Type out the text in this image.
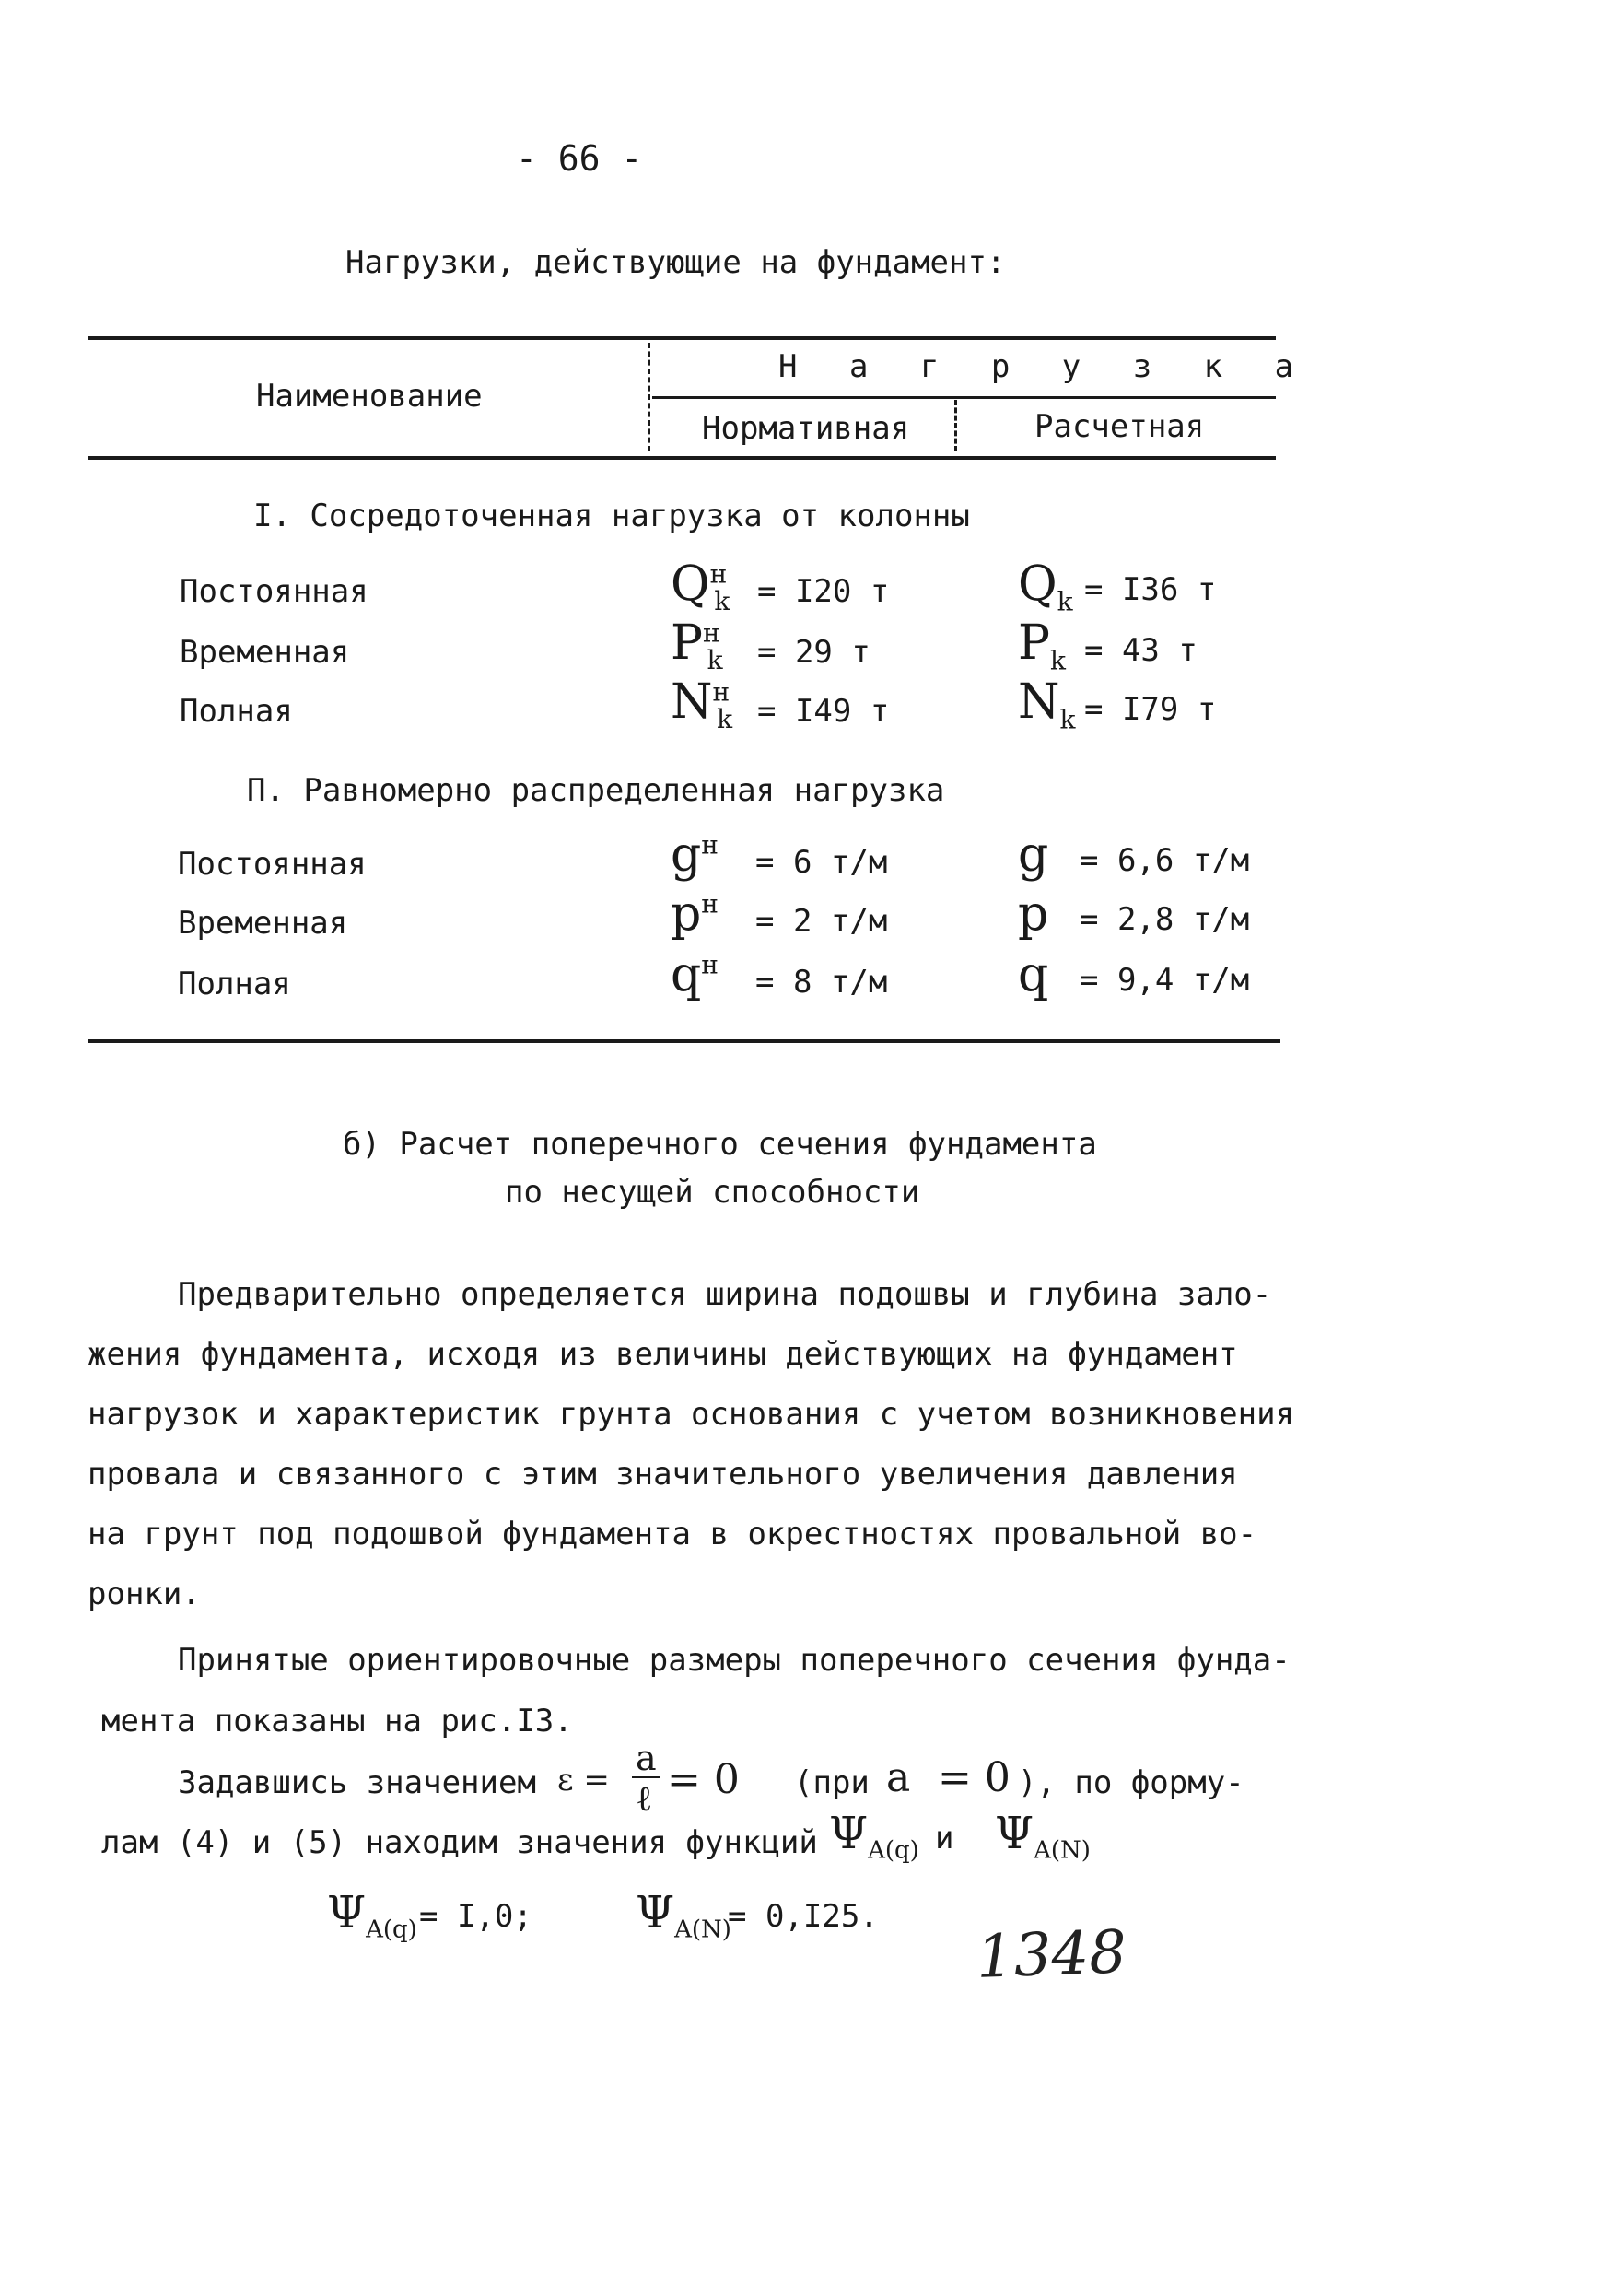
- 66 -
Нагрузки, действующие на фундамент:
Наименование
Н а г р у з к а
Нормативная	Расчетная
I. Сосредоточенная нагрузка от колонны
Постоянная	$Q^н_k = I20$ т	$Q_k = I36$ т
Временная	$P^н_k = 29$ т	$P_k = 43$ т
Полная	$N^н_k = I49$ т	$N_k = I79$ т
П. Равномерно распределенная нагрузка
Постоянная	$g^н = 6$ т/м	g = 6,6 т/м
Временная	$p^н = 2$ т/м	p = 2,8 т/м
Полная	$q^н = 8$ т/м	q = 9,4 т/м
б) Расчет поперечного сечения фундамента
по несущей способности
Предварительно определяется ширина подошвы и глубина зало-
жения фундамента, исходя из величины действующих на фундамент
нагрузок и характеристик грунта основания с учетом возникновения
провала и связанного с этим значительного увеличения давления
на грунт под подошвой фундамента в окрестностях провальной во-
ронки.
Принятые ориентировочные размеры поперечного сечения фунда-
мента показаны на рис.I3.
Задавшись значением ε =
a
ℓ = 0 (при a = 0 ), по форму-
лам (4) и (5) находим значения функций $\Psi_{A(q)}$ и $\Psi_{A(N)}$
$\Psi_{A(q)} = I,0$; $\Psi_{A(N)}$
= 0,I25.
1348
